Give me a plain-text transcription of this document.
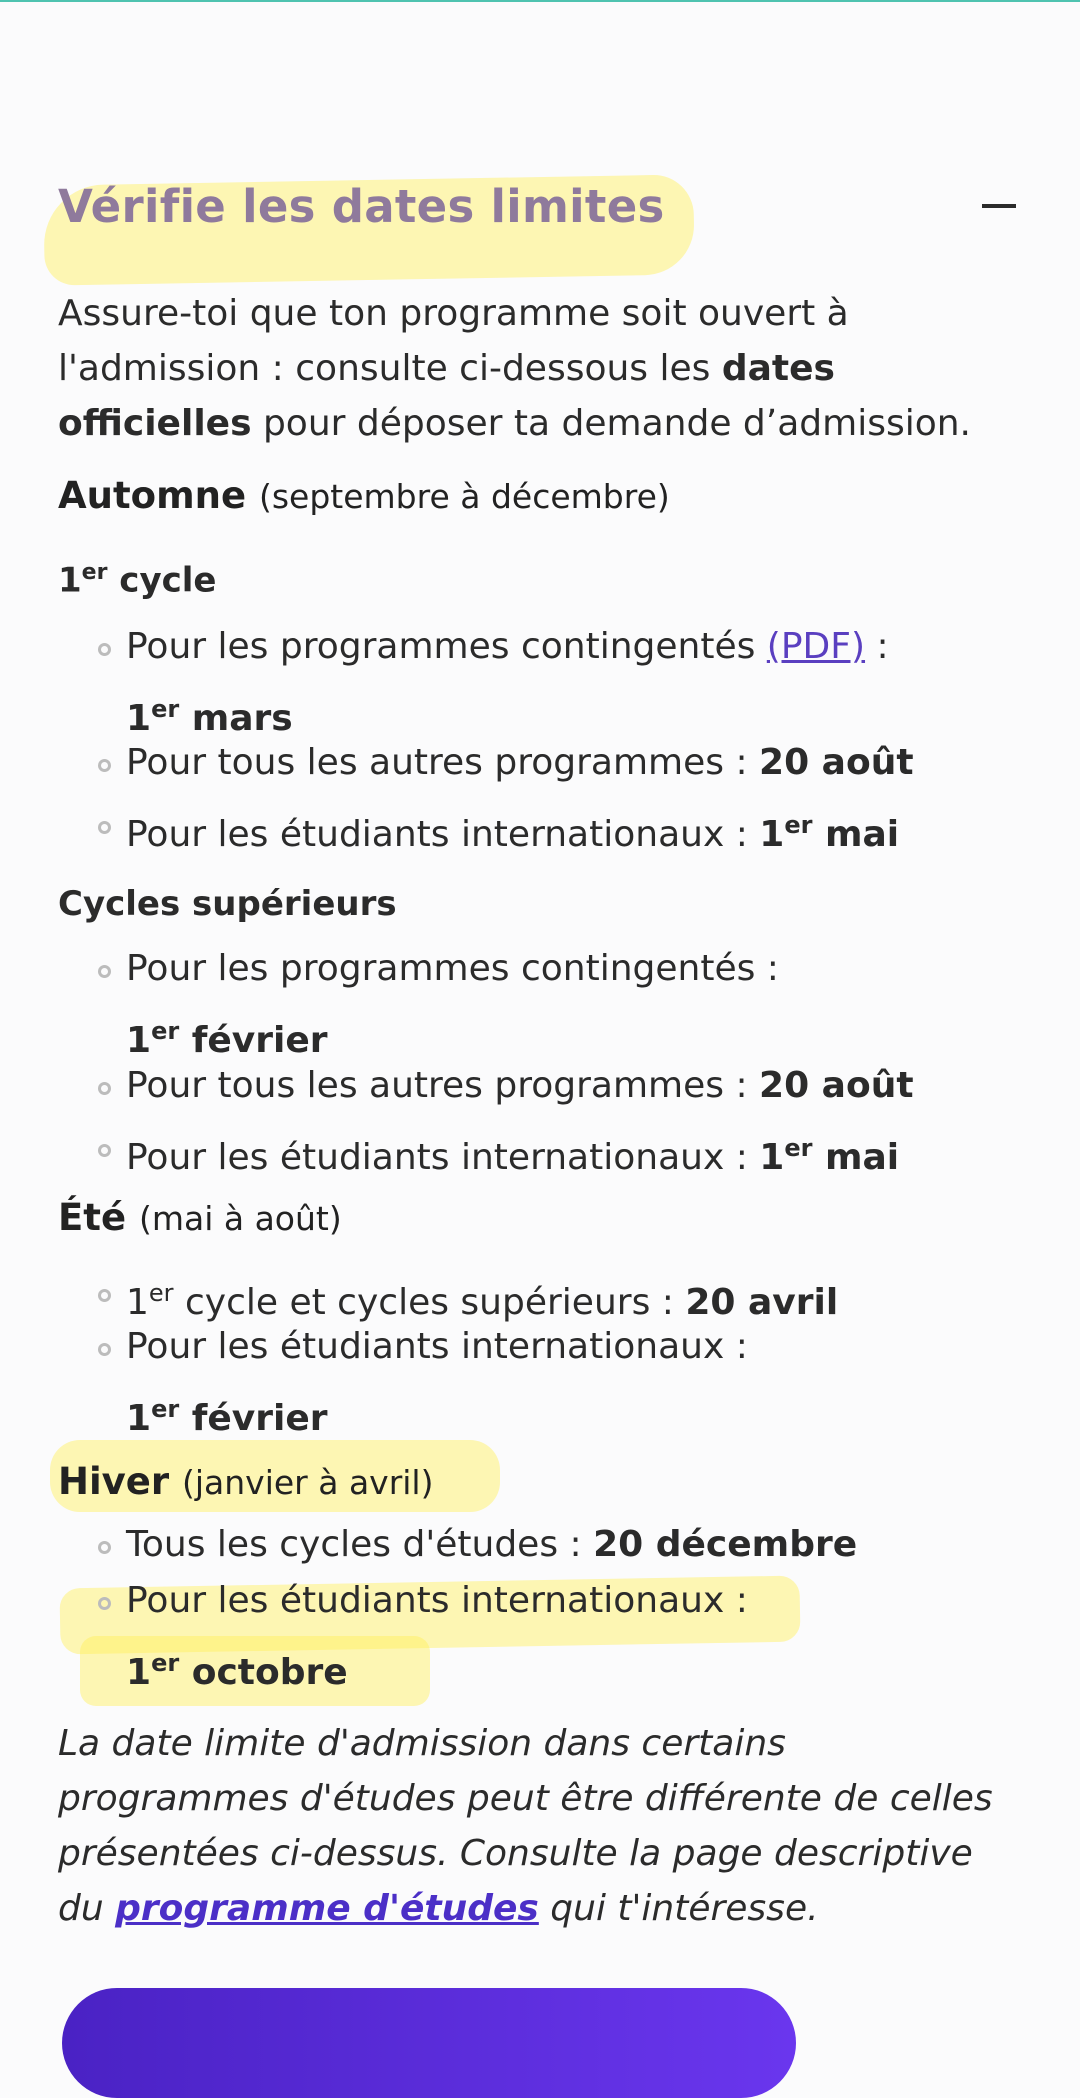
Vérifie les dates limites

Assure-toi que ton programme soit ouvert à l'admission : consulte ci-dessous les dates officielles pour déposer ta demande d’admission.

Automne (septembre à décembre)
1er cycle
Pour les programmes contingentés (PDF) :
1er mars
Pour tous les autres programmes : 20 août
Pour les étudiants internationaux : 1er mai
Cycles supérieurs
Pour les programmes contingentés :
1er février
Pour tous les autres programmes : 20 août
Pour les étudiants internationaux : 1er mai
Été (mai à août)
1er cycle et cycles supérieurs : 20 avril
Pour les étudiants internationaux :
1er février
Hiver (janvier à avril)
Tous les cycles d'études : 20 décembre
Pour les étudiants internationaux :
1er octobre

La date limite d'admission dans certains programmes d'études peut être différente de celles présentées ci-dessus. Consulte la page descriptive du programme d'études qui t'intéresse.
